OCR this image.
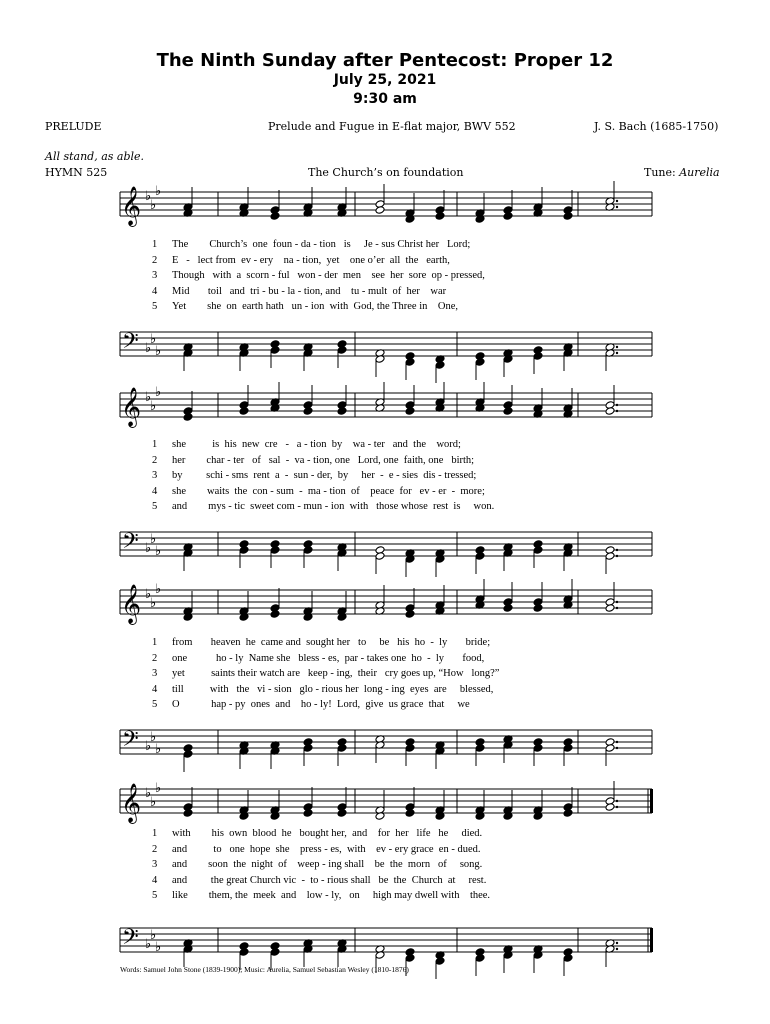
The Ninth Sunday after Pentecost: Proper 12
July 25, 2021
9:30 am
PRELUDE	Prelude and Fugue in E-flat major, BWV 552	J. S. Bach (1685-1750)
All stand, as able.
HYMN 525	The Church’s on foundation	Tune: Aurelia
𝄞 ♭
♭
♭
𝄢 ♭
♭
♭
𝄞 ♭
♭
♭
𝄢 ♭
♭
♭
𝄞 ♭
♭
♭
𝄢 ♭
♭
♭
𝄞 ♭
♭
♭
𝄢 ♭
♭
♭
1 The        Church’s  one  foun - da - tion   is     Je - sus Christ her   Lord;
2 E   -   lect from  ev - ery    na - tion,  yet    one o’er  all  the   earth,
3 Though   with  a  scorn - ful   won - der  men    see  her  sore  op - pressed,
4 Mid       toil   and  tri - bu - la - tion, and    tu - mult  of  her    war
5 Yet        she  on  earth hath   un - ion  with  God, the Three in    One,
1 she          is  his  new  cre   -   a - tion  by    wa - ter   and  the    word;
2 her        char - ter   of   sal  -  va - tion, one   Lord, one  faith, one   birth;
3 by         schi - sms  rent  a  -  sun - der,  by     her  -  e - sies  dis - tressed;
4 she        waits  the  con - sum  -  ma - tion  of    peace  for   ev - er  -  more;
5 and        mys - tic  sweet com - mun - ion  with   those whose  rest  is     won.
1 from       heaven  he  came and  sought her   to     be   his  ho  -  ly       bride;
2 one           ho - ly  Name she   bless - es,  par - takes one  ho  -  ly       food,
3 yet          saints their watch are   keep - ing,  their   cry goes up, “How   long?”
4 till          with   the   vi - sion   glo - rious her  long - ing  eyes  are     blessed,
5 O            hap - py  ones  and    ho - ly!  Lord,  give  us grace  that     we
1 with        his  own  blood  he   bought her,  and    for  her   life   he     died.
2 and          to   one  hope  she    press - es,  with    ev - ery grace  en - dued.
3 and        soon  the  night  of    weep - ing shall    be  the  morn   of     song.
4 and         the great Church vic  -  to - rious shall   be  the  Church  at     rest.
5 like        them, the  meek  and    low - ly,   on     high may dwell with    thee.
Words: Samuel John Stone (1839-1900); Music: Aurelia, Samuel Sebastian Wesley (1810-1876)
